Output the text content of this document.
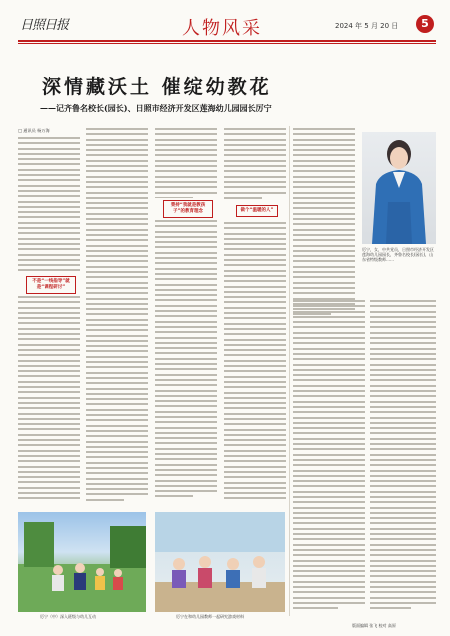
日照日报	人物风采	2024 年 5 月 20 日	5
深情藏沃土 催绽幼教花
——记齐鲁名校长(园长)、日照市经济开发区莲海幼儿园园长厉宁
厉宁，女，中共党员，日照市经济开发区莲海幼儿园园长，齐鲁名校长(园长)，山东省特级教师……
□ 通讯员 杨万海
不是“一线指导”就是“课程研讨”
秉持“我就是教孩子”的教育理念	做个“温暖的人”
厉宁（中）深入班级与幼儿互动	厉宁在和幼儿园教师一起研究游戏材料
版面编辑 张飞 校对 高原
